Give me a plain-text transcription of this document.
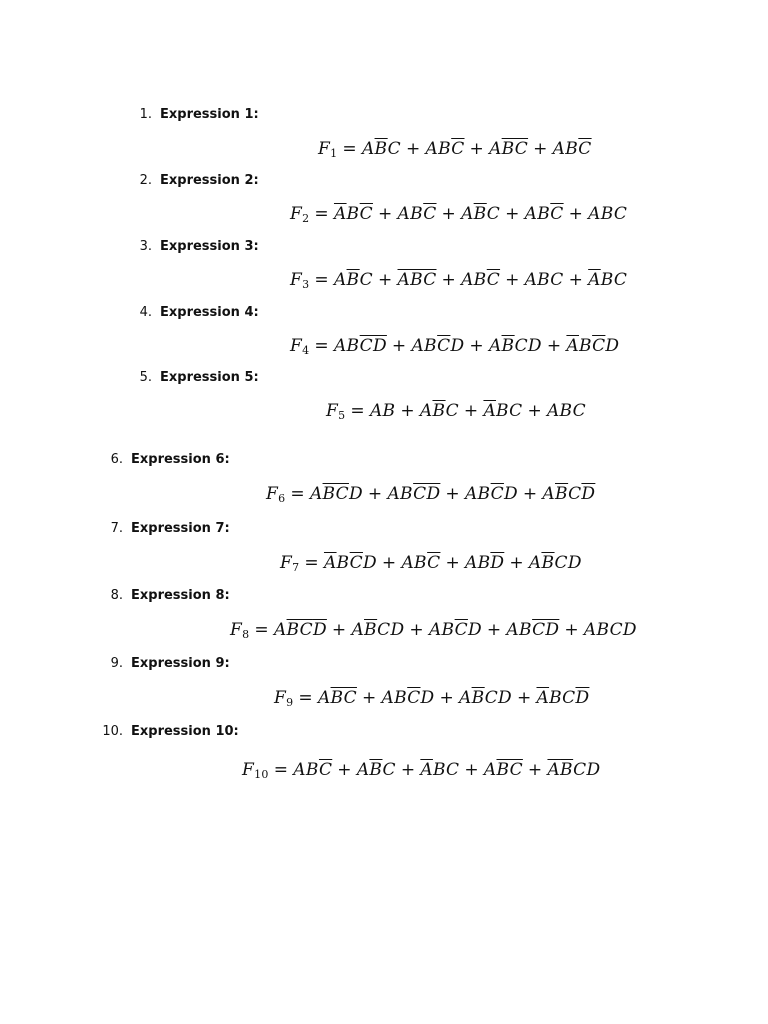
1. Expression 1:
$F_1 = A\overline{B}C + AB\overline{C} + A\overline{BC} + AB\overline{C}$
2. Expression 2:
$F_2 = \overline{A}B\overline{C} + AB\overline{C} + A\overline{B}C + AB\overline{C}$ + ABC
3. Expression 3:
$F_3 = A\overline{B}C + \overline{ABC} + AB\overline{C}$ + ABC + $\overline{A}BC$
4. Expression 4:
$F_4 = AB\overline{CD} + AB\overline{C}D + A\overline{B}CD + \overline{A}B\overline{C}D$
5. Expression 5:
$F_5$ = AB + $A\overline{B}C + \overline{A}BC$ + ABC
6. Expression 6:
$F_6 = A\overline{BC}D + AB\overline{CD} + AB\overline{C}D + A\overline{B}C\overline{D}$
7. Expression 7:
$F_7 = \overline{A}B\overline{C}D + AB\overline{C} + AB\overline{D} + A\overline{B}CD$
8. Expression 8:
$F_8 = A\overline{BC}\overline{D} + A\overline{B}CD + AB\overline{C}D + AB\overline{CD}$ + ABCD
9. Expression 9:
$F_9 = A\overline{BC} + AB\overline{C}D + A\overline{B}CD + \overline{A}BC\overline{D}$
10. Expression 10:
$F_{10} = AB\overline{C} + A\overline{B}C + \overline{A}BC + A\overline{BC} + \overline{A}\overline{B}CD$
